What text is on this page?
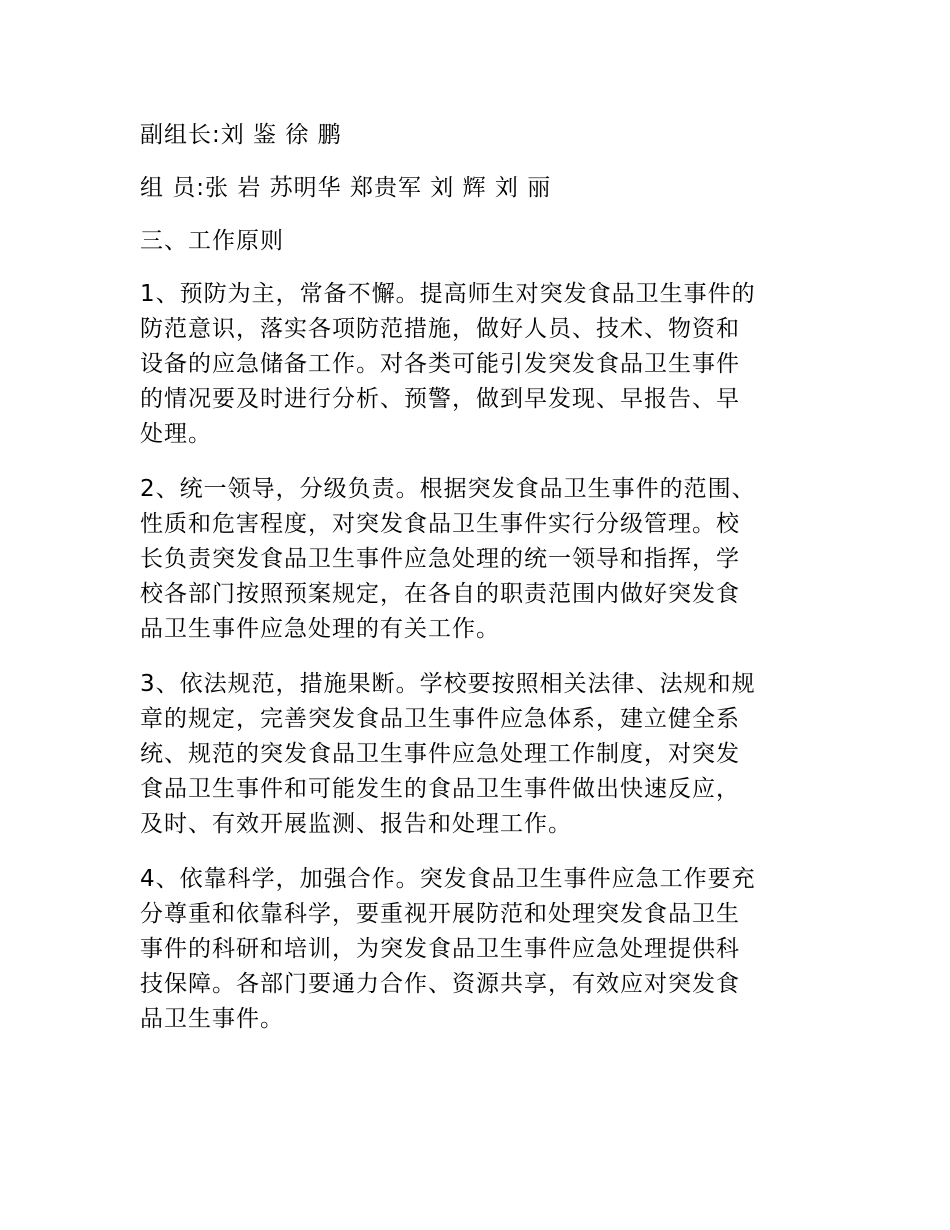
副组长:刘 鉴 徐 鹏

组 员:张 岩 苏明华 郑贵军 刘 辉 刘 丽

三、工作原则

1、预防为主，常备不懈。提高师生对突发食品卫生事件的

防范意识，落实各项防范措施，做好人员、技术、物资和

设备的应急储备工作。对各类可能引发突发食品卫生事件

的情况要及时进行分析、预警，做到早发现、早报告、早

处理。

2、统一领导，分级负责。根据突发食品卫生事件的范围、

性质和危害程度，对突发食品卫生事件实行分级管理。校

长负责突发食品卫生事件应急处理的统一领导和指挥，学

校各部门按照预案规定，在各自的职责范围内做好突发食

品卫生事件应急处理的有关工作。

3、依法规范，措施果断。学校要按照相关法律、法规和规

章的规定，完善突发食品卫生事件应急体系，建立健全系

统、规范的突发食品卫生事件应急处理工作制度，对突发

食品卫生事件和可能发生的食品卫生事件做出快速反应，

及时、有效开展监测、报告和处理工作。

4、依靠科学，加强合作。突发食品卫生事件应急工作要充

分尊重和依靠科学，要重视开展防范和处理突发食品卫生

事件的科研和培训，为突发食品卫生事件应急处理提供科

技保障。各部门要通力合作、资源共享，有效应对突发食

品卫生事件。
